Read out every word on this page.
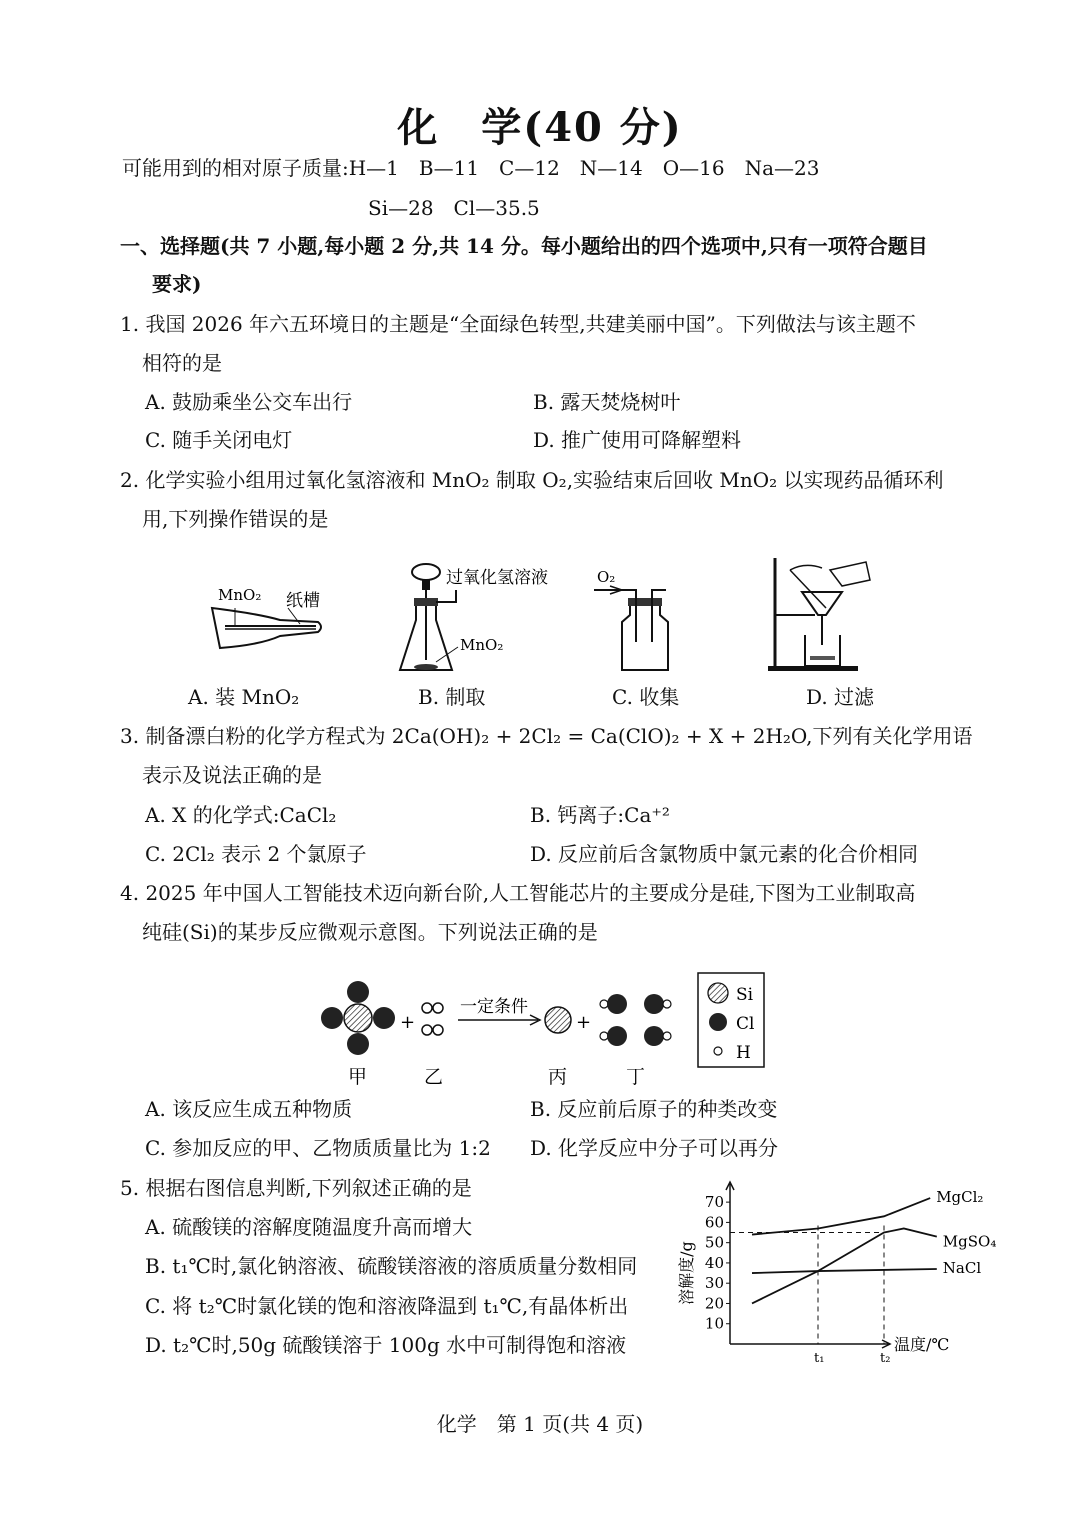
化　学(40 分)
可能用到的相对原子质量:H—1　B—11　C—12　N—14　O—16　Na—23
Si—28　Cl—35.5
一、选择题(共 7 小题,每小题 2 分,共 14 分。每小题给出的四个选项中,只有一项符合题目
要求)
1. 我国 2026 年六五环境日的主题是“全面绿色转型,共建美丽中国”。下列做法与该主题不
相符的是
A. 鼓励乘坐公交车出行	B. 露天焚烧树叶
C. 随手关闭电灯	D. 推广使用可降解塑料
2. 化学实验小组用过氧化氢溶液和 MnO₂ 制取 O₂,实验结束后回收 MnO₂ 以实现药品循环利
用,下列操作错误的是
MnO₂ 纸槽
过氧化氢溶液
MnO₂
O₂
A. 装 MnO₂	B. 制取	C. 收集	D. 过滤
3. 制备漂白粉的化学方程式为 2Ca(OH)₂ + 2Cl₂ = Ca(ClO)₂ + X + 2H₂O,下列有关化学用语
表示及说法正确的是
A. X 的化学式:CaCl₂	B. 钙离子:Ca⁺²
C. 2Cl₂ 表示 2 个氯原子	D. 反应前后含氯物质中氯元素的化合价相同
4. 2025 年中国人工智能技术迈向新台阶,人工智能芯片的主要成分是硅,下图为工业制取高
纯硅(Si)的某步反应微观示意图。下列说法正确的是
+
一定条件
+
Si
Cl
H
甲	乙	丙	丁
A. 该反应生成五种物质	B. 反应前后原子的种类改变
C. 参加反应的甲、乙物质质量比为 1:2 D. 化学反应中分子可以再分
5. 根据右图信息判断,下列叙述正确的是
A. 硫酸镁的溶解度随温度升高而增大
B. t₁℃时,氯化钠溶液、硫酸镁溶液的溶质质量分数相同
C. 将 t₂℃时氯化镁的饱和溶液降温到 t₁℃,有晶体析出
D. t₂℃时,50g 硫酸镁溶于 100g 水中可制得饱和溶液
10
20
30
40
50
60
70
t₁	t₂
MgCl₂
MgSO₄
NaCl
溶解度/g
温度/℃
化学　第 1 页(共 4 页)
